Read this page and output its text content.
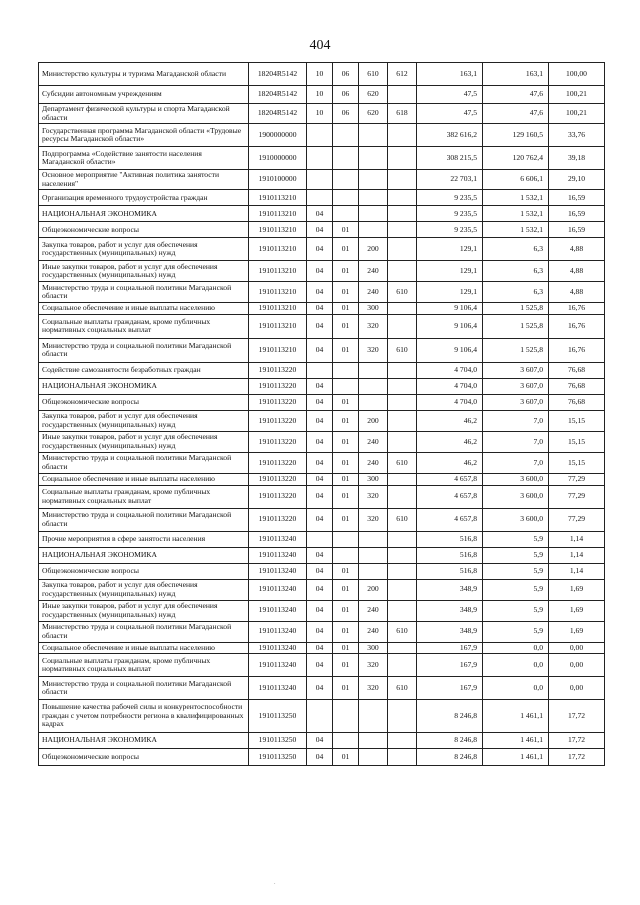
404
Министерство культуры и туризма Магаданской области	18204R5142	10	06	610	612	163,1	163,1	100,00
Субсидии автономным учреждениям	18204R5142	10	06	620		47,5	47,6	100,21
Департамент физической культуры и спорта Магаданской области	18204R5142	10	06	620	618	47,5	47,6	100,21
Государственная программа Магаданской области «Трудовые ресурсы Магаданской области»	1900000000					382 616,2	129 160,5	33,76
Подпрограмма «Содействие занятости населения Магаданской области»	1910000000					308 215,5	120 762,4	39,18
Основное мероприятие "Активная политика занятости населения"	1910100000					22 703,1	6 606,1	29,10
Организация временного трудоустройства граждан	1910113210					9 235,5	1 532,1	16,59
НАЦИОНАЛЬНАЯ ЭКОНОМИКА	1910113210	04				9 235,5	1 532,1	16,59
Общеэкономические вопросы	1910113210	04	01			9 235,5	1 532,1	16,59
Закупка товаров, работ и услуг для обеспечения государственных (муниципальных) нужд	1910113210	04	01	200		129,1	6,3	4,88
Иные закупки товаров, работ и услуг для обеспечения государственных (муниципальных) нужд	1910113210	04	01	240		129,1	6,3	4,88
Министерство труда и социальной политики Магаданской области	1910113210	04	01	240	610	129,1	6,3	4,88
Социальное обеспечение и иные выплаты населению	1910113210	04	01	300		9 106,4	1 525,8	16,76
Социальные выплаты гражданам, кроме публичных нормативных социальных выплат	1910113210	04	01	320		9 106,4	1 525,8	16,76
Министерство труда и социальной политики Магаданской области	1910113210	04	01	320	610	9 106,4	1 525,8	16,76
Содействие самозанятости безработных граждан	1910113220					4 704,0	3 607,0	76,68
НАЦИОНАЛЬНАЯ ЭКОНОМИКА	1910113220	04				4 704,0	3 607,0	76,68
Общеэкономические вопросы	1910113220	04	01			4 704,0	3 607,0	76,68
Закупка товаров, работ и услуг для обеспечения государственных (муниципальных) нужд	1910113220	04	01	200		46,2	7,0	15,15
Иные закупки товаров, работ и услуг для обеспечения государственных (муниципальных) нужд	1910113220	04	01	240		46,2	7,0	15,15
Министерство труда и социальной политики Магаданской области	1910113220	04	01	240	610	46,2	7,0	15,15
Социальное обеспечение и иные выплаты населению	1910113220	04	01	300		4 657,8	3 600,0	77,29
Социальные выплаты гражданам, кроме публичных нормативных социальных выплат	1910113220	04	01	320		4 657,8	3 600,0	77,29
Министерство труда и социальной политики Магаданской области	1910113220	04	01	320	610	4 657,8	3 600,0	77,29
Прочие мероприятия в сфере занятости населения	1910113240					516,8	5,9	1,14
НАЦИОНАЛЬНАЯ ЭКОНОМИКА	1910113240	04				516,8	5,9	1,14
Общеэкономические вопросы	1910113240	04	01			516,8	5,9	1,14
Закупка товаров, работ и услуг для обеспечения государственных (муниципальных) нужд	1910113240	04	01	200		348,9	5,9	1,69
Иные закупки товаров, работ и услуг для обеспечения государственных (муниципальных) нужд	1910113240	04	01	240		348,9	5,9	1,69
Министерство труда и социальной политики Магаданской области	1910113240	04	01	240	610	348,9	5,9	1,69
Социальное обеспечение и иные выплаты населению	1910113240	04	01	300		167,9	0,0	0,00
Социальные выплаты гражданам, кроме публичных нормативных социальных выплат	1910113240	04	01	320		167,9	0,0	0,00
Министерство труда и социальной политики Магаданской области	1910113240	04	01	320	610	167,9	0,0	0,00
Повышение качества рабочей силы и конкурентоспособности граждан с учетом потребности региона в квалифицированных кадрах	1910113250					8 246,8	1 461,1	17,72
НАЦИОНАЛЬНАЯ ЭКОНОМИКА	1910113250	04				8 246,8	1 461,1	17,72
Общеэкономические вопросы	1910113250	04	01			8 246,8	1 461,1	17,72
.
